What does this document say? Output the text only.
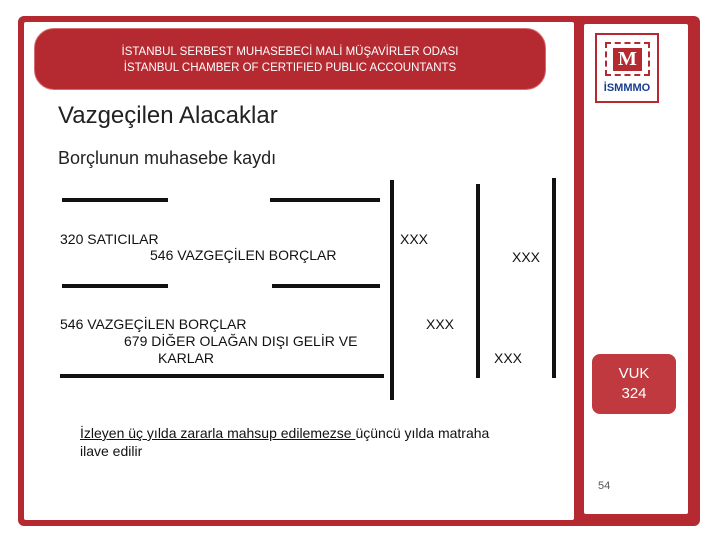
İSTANBUL SERBEST MUHASEBECİ MALİ MÜŞAVİRLER ODASI
İSTANBUL CHAMBER OF CERTIFIED PUBLIC ACCOUNTANTS	M
İSMMMO
Vazgeçilen Alacaklar
Borçlunun muhasebe kaydı
320 SATICILAR
546 VAZGEÇİLEN BORÇLAR
XXX
XXX
546 VAZGEÇİLEN BORÇLAR
679 DİĞER OLAĞAN DIŞI GELİR VE
KARLAR
XXX
XXX
VUK
324
İzleyen üç yılda zararla mahsup edilemezse üçüncü yılda matraha ilave edilir
54
